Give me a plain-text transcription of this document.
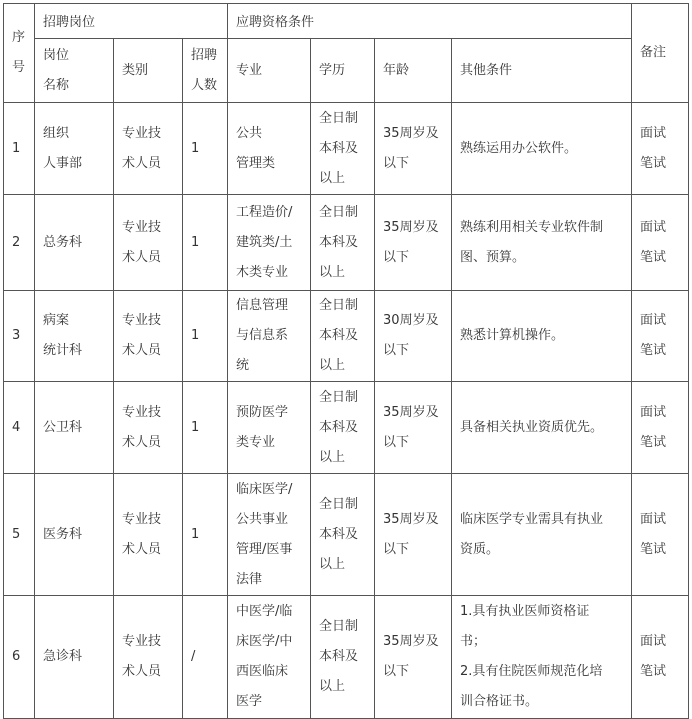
序
号	招聘岗位			应聘资格条件				备注

	岗位
名称	类别	招聘
人数	专业	学历	年龄	其他条件	
1	组织
人事部	专业技
术人员	1	公共
管理类	全日制
本科及
以上	35周岁及
以下	熟练运用办公软件。	面试
笔试

2	总务科	专业技
术人员	1	工程造价/
建筑类/土
木类专业	全日制
本科及
以上	35周岁及
以下	熟练利用相关专业软件制
图、预算。	面试
笔试

3	病案
统计科	专业技
术人员	1	信息管理
与信息系
统	全日制
本科及
以上	30周岁及
以下	熟悉计算机操作。	面试
笔试

4	公卫科	专业技
术人员	1	预防医学
类专业	全日制
本科及
以上	35周岁及
以下	具备相关执业资质优先。	面试
笔试

5	医务科	专业技
术人员	1	临床医学/
公共事业
管理/医事
法律	全日制
本科及
以上	35周岁及
以下	临床医学专业需具有执业
资质。	面试
笔试

6	急诊科	专业技
术人员	/	中医学/临
床医学/中
西医临床
医学	全日制
本科及
以上	35周岁及
以下	1.具有执业医师资格证
书；
2.具有住院医师规范化培
训合格证书。	面试
笔试
